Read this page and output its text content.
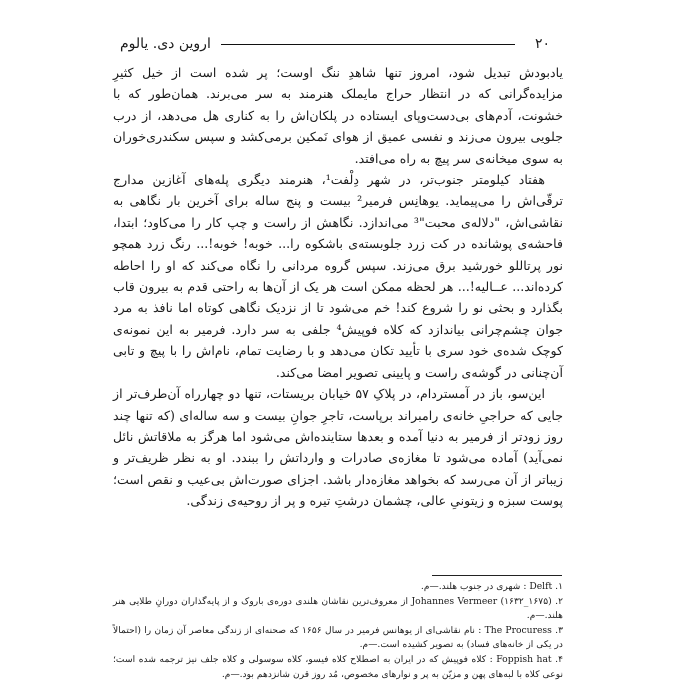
۲۰
اروین دی. یالوم

یادبودش تبدیل شود، امروز تنها شاهدِ ننگ اوست؛ پر شده است از خیل کثیرِ مزایده‌گرانی که در انتظار حراج مایملک هنرمند به سر می‌برند. همان‌طور که با خشونت، آدم‌های بی‌دست‌وپای ایستاده در پلکان‌اش را به کناری هل می‌دهد، از درب جلویی بیرون می‌زند و نفسی عمیق از هوای نَمکین برمی‌کشد و سپس سکندری‌خوران به سوی میخانه‌ی سر پیچ به راه می‌افتد.

هفتاد کیلومتر جنوب‌تر، در شهر دِلْفت¹، هنرمند دیگری پله‌های آغازین مدارج ترقّی‌اش را می‌پیماید. یوهانِس فرمیر² بیست و پنج ساله برای آخرین بار نگاهی به نقاشی‌اش، "دلاله‌ی محبت"³ می‌اندازد. نگاهش از راست و چپ کار را می‌کاود؛ ابتدا، فاحشه‌ی پوشانده در کت زرد جلوبسته‌ی باشکوه را... خوبه! خوبه!... رنگ زرد همچو نور پرتاللو خورشید برق می‌زند. سپس گروه مردانی را نگاه می‌کند که او را احاطه کرده‌اند... عــالیه!... هر لحظه ممکن است هر یک از آن‌ها به راحتی قدم به بیرون قاب بگذارد و بحثی نو را شروع کند! خم می‌شود تا از نزدیک نگاهی کوتاه اما نافذ به مرد جوان چشم‌چرانی بیاندازد که کلاه فوپیش⁴ جلفی به سر دارد. فرمیر به این نمونه‌ی کوچک شده‌ی خود سری با تأیید تکان می‌دهد و با رضایت تمام، نام‌اش را با پیچ و تابی آن‌چنانی در گوشه‌ی راست و پایینی تصویر امضا می‌کند.

این‌سو، باز در آمستردام، در پلاکِ ۵۷ خیابان بریستات، تنها دو چهارراه آن‌طرف‌تر از جایی که حراجیِ خانه‌ی رامبراند برپاست، تاجرِ جوانِ بیست و سه ساله‌ای (که تنها چند روز زودتر از فرمیر به دنیا آمده و بعدها ستاینده‌اش می‌شود اما هرگز به ملاقاتش نائل نمی‌آید) آماده می‌شود تا مغازه‌ی صادرات و وارداتش را ببندد. او به نظر ظریف‌تر و زیباتر از آن می‌رسد که بخواهد مغازه‌دار باشد. اجزای صورت‌اش بی‌عیب و نقص است؛ پوست سبزه و زیتونیِ عالی، چشمان درشتِ تیره و پر از روحیه‌ی زندگی.

۱. Delft : شهری در جنوب هلند.—م.

۲. Johannes Vermeer (۱۶۳۲_۱۶۷۵) از معروف‌ترین نقاشان هلندی دوره‌ی باروک و از پایه‌گذاران دورانِ طلایی هنر هلند.—م.

۳. The Procuress : نام نقاشی‌ای از یوهانس فرمیر در سال ۱۶۵۶ که صحنه‌ای از زندگی معاصر آن زمان را (احتمالاً در یکی از خانه‌های فساد) به تصویر کشیده است.—م.

۴. Foppish hat : کلاه فوپیش که در ایران به اصطلاح کلاه فیسو، کلاه سوسولی و کلاه جلف نیز ترجمه شده است؛ نوعی کلاه با لبه‌های پهن و مزیّن به پر و نوارهای مخصوص، مُد روز قرن شانزدهم بود.—م.
